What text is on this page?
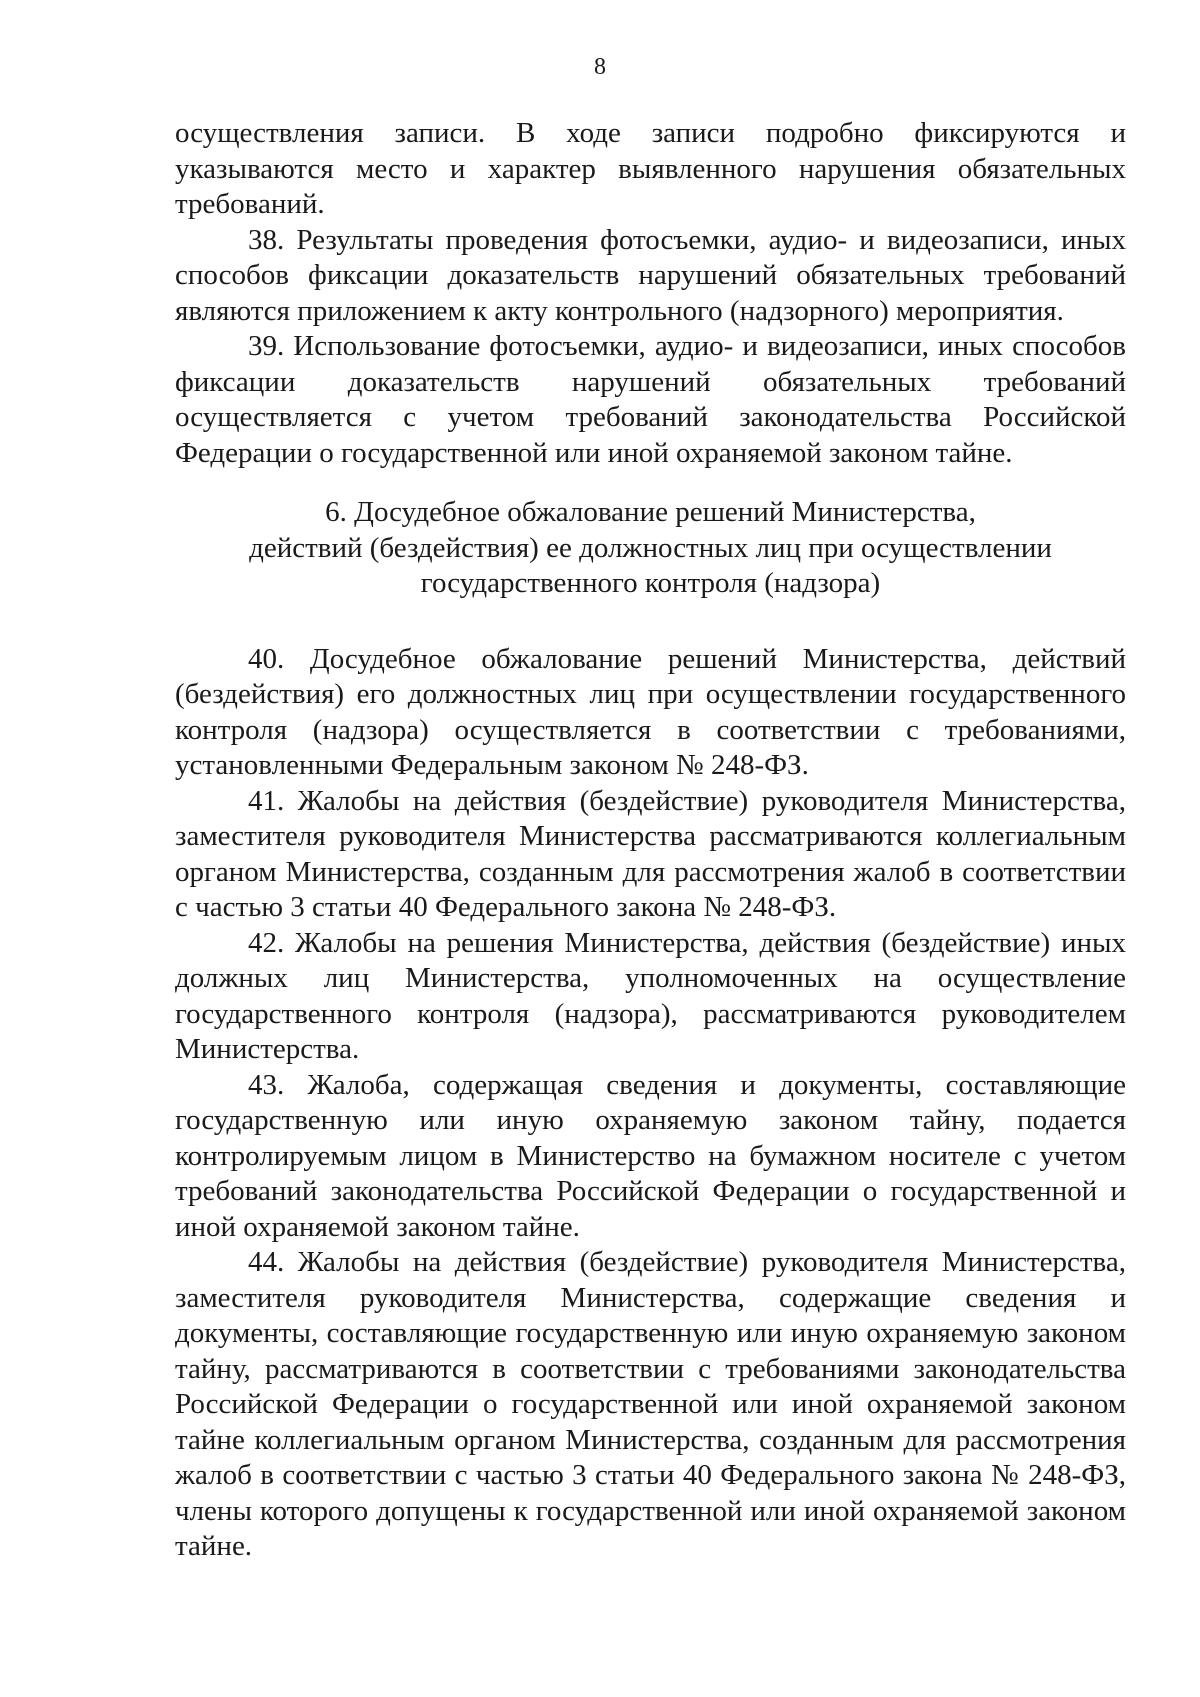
8

осуществления записи. В ходе записи подробно фиксируются и указываются место и характер выявленного нарушения обязательных требований.

38. Результаты проведения фотосъемки, аудио- и видеозаписи, иных способов фиксации доказательств нарушений обязательных требований являются приложением к акту контрольного (надзорного) мероприятия.

39. Использование фотосъемки, аудио- и видеозаписи, иных способов фиксации доказательств нарушений обязательных требований осуществляется с учетом требований законодательства Российской Федерации о государственной или иной охраняемой законом тайне.

6. Досудебное обжалование решений Министерства,
действий (бездействия) ее должностных лиц при осуществлении
государственного контроля (надзора)

40. Досудебное обжалование решений Министерства, действий (бездействия) его должностных лиц при осуществлении государственного контроля (надзора) осуществляется в соответствии с требованиями, установленными Федеральным законом № 248-ФЗ.

41. Жалобы на действия (бездействие) руководителя Министерства, заместителя руководителя Министерства рассматриваются коллегиальным органом Министерства, созданным для рассмотрения жалоб в соответствии с частью 3 статьи 40 Федерального закона № 248-ФЗ.

42. Жалобы на решения Министерства, действия (бездействие) иных должных лиц Министерства, уполномоченных на осуществление государственного контроля (надзора), рассматриваются руководителем Министерства.

43. Жалоба, содержащая сведения и документы, составляющие государственную или иную охраняемую законом тайну, подается контролируемым лицом в Министерство на бумажном носителе с учетом требований законодательства Российской Федерации о государственной и иной охраняемой законом тайне.

44. Жалобы на действия (бездействие) руководителя Министерства, заместителя руководителя Министерства, содержащие сведения и документы, составляющие государственную или иную охраняемую законом тайну, рассматриваются в соответствии с требованиями законодательства Российской Федерации о государственной или иной охраняемой законом тайне коллегиальным органом Министерства, созданным для рассмотрения жалоб в соответствии с частью 3 статьи 40 Федерального закона № 248-ФЗ, члены которого допущены к государственной или иной охраняемой законом тайне.
